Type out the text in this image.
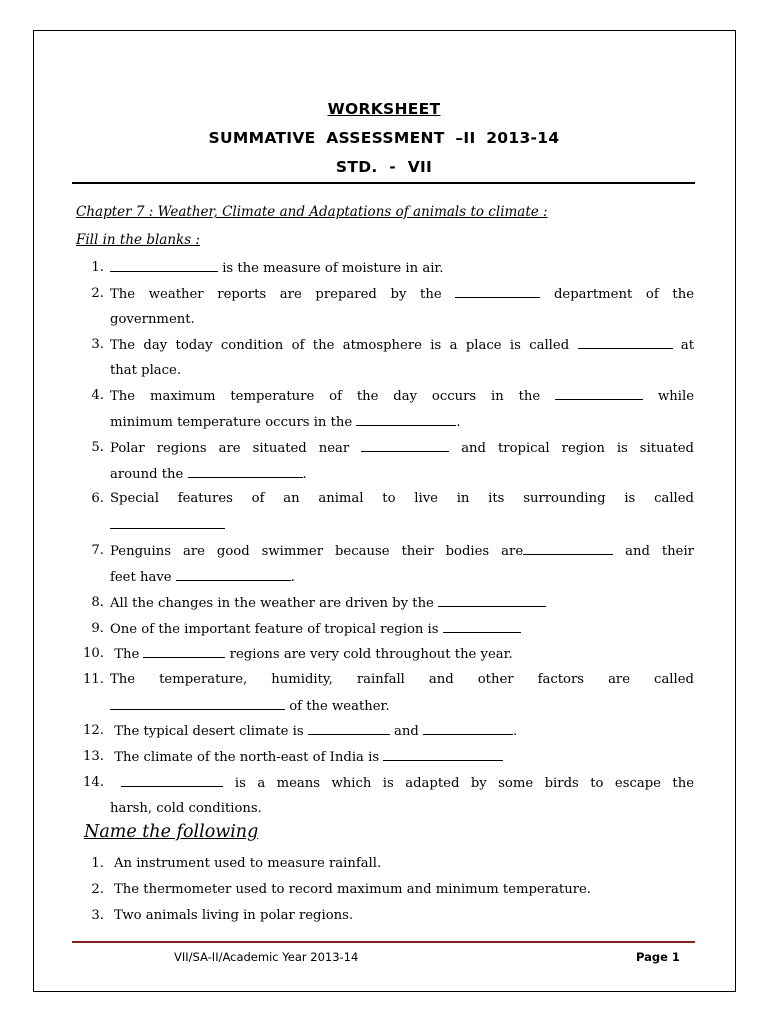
WORKSHEET
SUMMATIVE ASSESSMENT –II 2013-14
STD. - VII
Chapter 7 : Weather, Climate and Adaptations of animals to climate :
Fill in the blanks :
1.	is the measure of moisture in air.
2. The weather reports are prepared by the	department of the
government.
3. The day today condition of the atmosphere is a place is called	at
that place.
4. The maximum temperature of the day occurs in the	while
minimum temperature occurs in the	.
5. Polar regions are situated near	and tropical region is situated
around the	.
6. Special features of an animal to live in its surrounding is called
7. Penguins are good swimmer because their bodies are	and their
feet have	.
8. All the changes in the weather are driven by the
9. One of the important feature of tropical region is
10. The	regions are very cold throughout the year.
11. The temperature, humidity, rainfall and other factors are called
of the weather.
12. The typical desert climate is	and	.
13. The climate of the north-east of India is
14.	is a means which is adapted by some birds to escape the
harsh, cold conditions.
Name the following
1. An instrument used to measure rainfall.
2. The thermometer used to record maximum and minimum temperature.
3. Two animals living in polar regions.
VII/SA-II/Academic Year 2013-14	Page 1
